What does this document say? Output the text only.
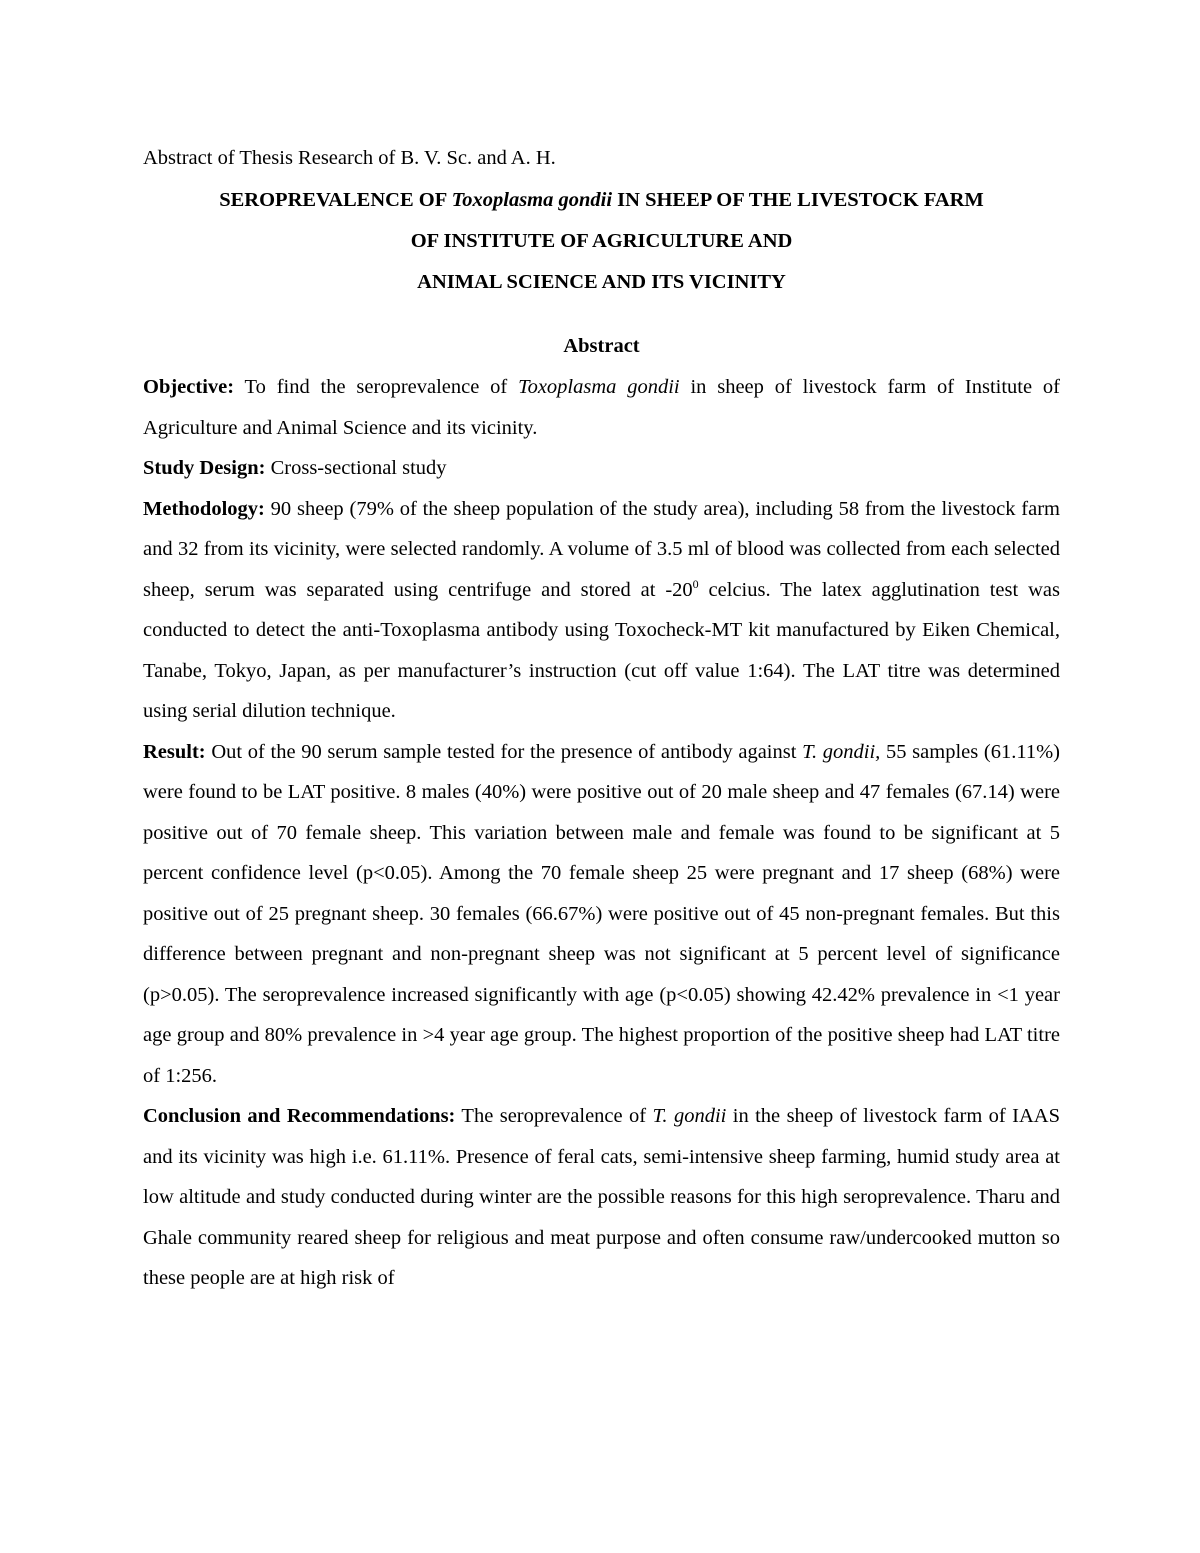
Abstract of Thesis Research of B. V. Sc. and A. H.

SEROPREVALENCE OF Toxoplasma gondii IN SHEEP OF THE LIVESTOCK FARM
OF INSTITUTE OF AGRICULTURE AND
ANIMAL SCIENCE AND ITS VICINITY

Abstract

Objective: To find the seroprevalence of Toxoplasma gondii in sheep of livestock farm of Institute of Agriculture and Animal Science and its vicinity.

Study Design: Cross-sectional study

Methodology: 90 sheep (79% of the sheep population of the study area), including 58 from the livestock farm and 32 from its vicinity, were selected randomly. A volume of 3.5 ml of blood was collected from each selected sheep, serum was separated using centrifuge and stored at $-20^0$ celcius. The latex agglutination test was conducted to detect the anti-Toxoplasma antibody using Toxocheck-MT kit manufactured by Eiken Chemical, Tanabe, Tokyo, Japan, as per manufacturer’s instruction (cut off value 1:64). The LAT titre was determined using serial dilution technique.

Result: Out of the 90 serum sample tested for the presence of antibody against T. gondii, 55 samples (61.11%) were found to be LAT positive. 8 males (40%) were positive out of 20 male sheep and 47 females (67.14) were positive out of 70 female sheep. This variation between male and female was found to be significant at 5 percent confidence level (p<0.05). Among the 70 female sheep 25 were pregnant and 17 sheep (68%) were positive out of 25 pregnant sheep. 30 females (66.67%) were positive out of 45 non-pregnant females. But this difference between pregnant and non-pregnant sheep was not significant at 5 percent level of significance (p>0.05). The seroprevalence increased significantly with age (p<0.05) showing 42.42% prevalence in <1 year age group and 80% prevalence in >4 year age group. The highest proportion of the positive sheep had LAT titre of 1:256.

Conclusion and Recommendations: The seroprevalence of T. gondii in the sheep of livestock farm of IAAS and its vicinity was high i.e. 61.11%. Presence of feral cats, semi-intensive sheep farming, humid study area at low altitude and study conducted during winter are the possible reasons for this high seroprevalence. Tharu and Ghale community reared sheep for religious and meat purpose and often consume raw/undercooked mutton so these people are at high risk of
